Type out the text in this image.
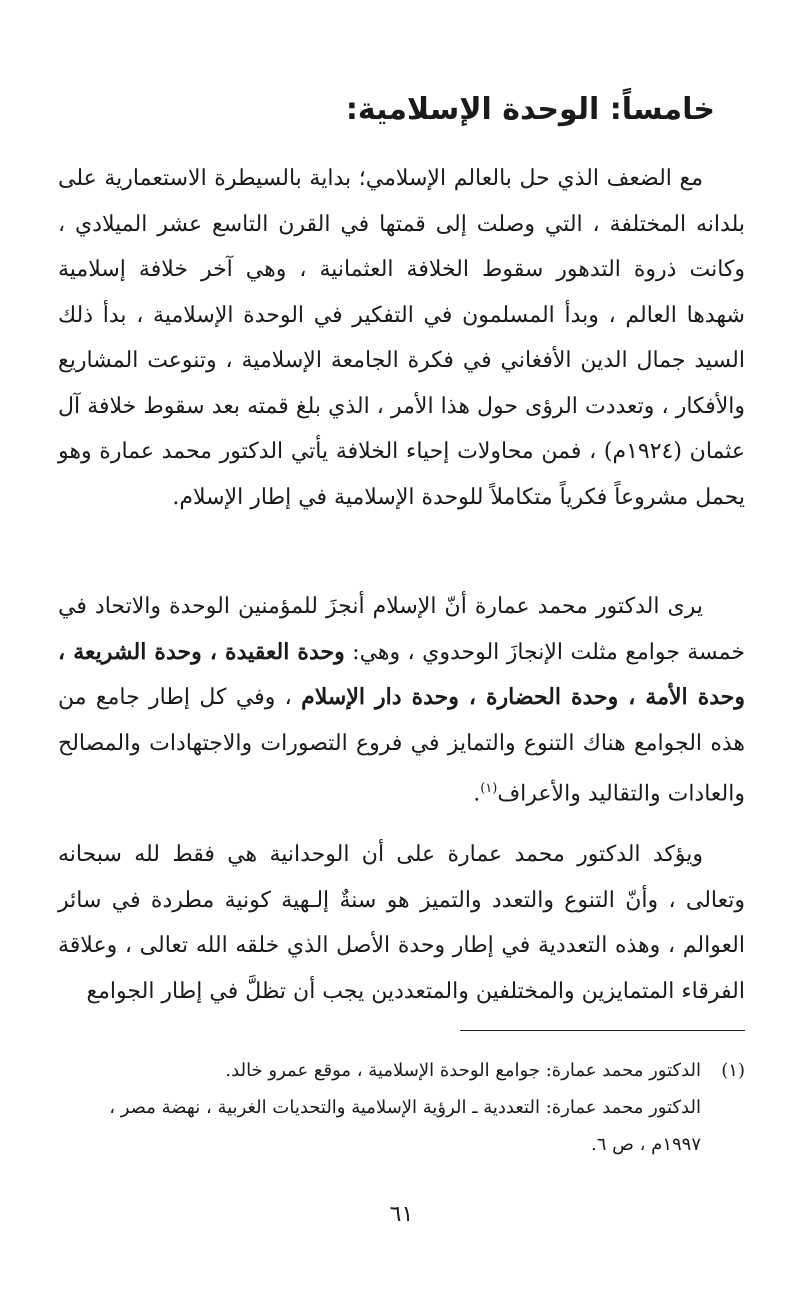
خامساً: الوحدة الإسلامية:

مع الضعف الذي حل بالعالم الإسلامي؛ بداية بالسيطرة الاستعمارية على بلدانه المختلفة ، التي وصلت إلى قمتها في القرن التاسع عشر الميلادي ، وكانت ذروة التدهور سقوط الخلافة العثمانية ، وهي آخر خلافة إسلامية شهدها العالم ، وبدأ المسلمون في التفكير في الوحدة الإسلامية ، بدأ ذلك السيد جمال الدين الأفغاني في فكرة الجامعة الإسلامية ، وتنوعت المشاريع والأفكار ، وتعددت الرؤى حول هذا الأمر ، الذي بلغ قمته بعد سقوط خلافة آل عثمان (١٩٢٤م) ، فمن محاولات إحياء الخلافة يأتي الدكتور محمد عمارة وهو يحمل مشروعاً فكرياً متكاملاً للوحدة الإسلامية في إطار الإسلام.

يرى الدكتور محمد عمارة أنّ الإسلام أنجزَ للمؤمنين الوحدة والاتحاد في خمسة جوامع مثلت الإنجازَ الوحدوي ، وهي: وحدة العقيدة ، وحدة الشريعة ، وحدة الأمة ، وحدة الحضارة ، وحدة دار الإسلام ، وفي كل إطار جامع من هذه الجوامع هناك التنوع والتمايز في فروع التصورات والاجتهادات والمصالح والعادات والتقاليد والأعراف$^{(١)}$.

ويؤكد الدكتور محمد عمارة على أن الوحدانية هي فقط لله سبحانه وتعالى ، وأنّ التنوع والتعدد والتميز هو سنةٌ إلـهية كونية مطردة في سائر العوالم ، وهذه التعددية في إطار وحدة الأصل الذي خلقه الله تعالى ، وعلاقة الفرقاء المتمايزين والمختلفين والمتعددين يجب أن تظلَّ في إطار الجوامع

(١)الدكتور محمد عمارة: جوامع الوحدة الإسلامية ، موقع عمرو خالد.

الدكتور محمد عمارة: التعددية ـ الرؤية الإسلامية والتحديات الغربية ، نهضة مصر ، ١٩٩٧م ، ص ٦.

٦١
